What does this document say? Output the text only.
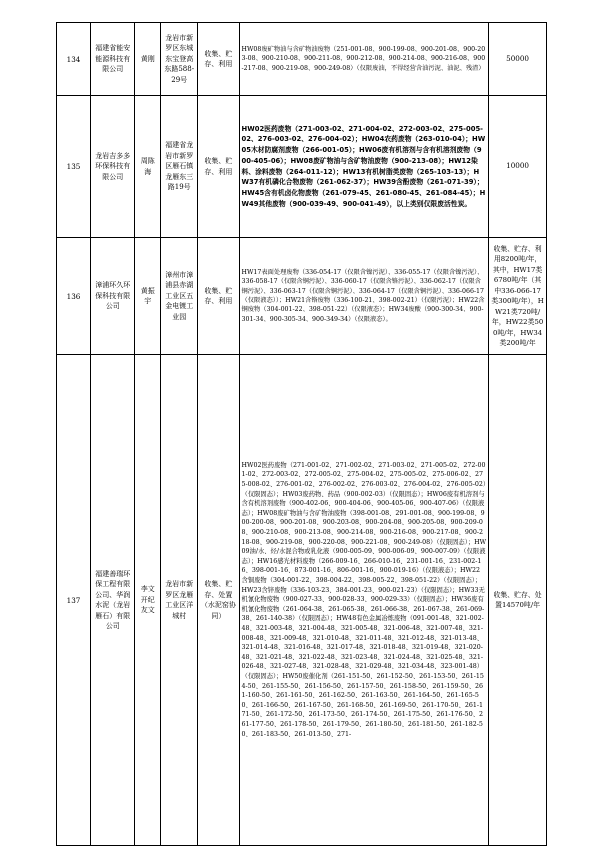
134	福建省能安能源科技有限公司	黄刚	龙岩市新罗区东城东宝登高东路588-29号	收集、贮存、利用	HW08废矿物油与含矿物油废物（251-001-08、900-199-08、900-201-08、900-203-08、900-210-08、900-211-08、900-212-08、900-214-08、900-216-08、900-217-08、900-219-08、900-249-08）（仅限废油，不得经营含油污泥、油泥、残渣）	50000
135	龙岩吉多多环保科技有限公司	周陈海	福建省龙岩市新罗区雁石镇龙雁东三路19号	收集、贮存、利用	HW02医药废物（271-003-02、271-004-02、272-003-02、275-005-02、276-003-02、276-004-02）；HW04农药废物（263-010-04）；HW05木材防腐剂废物（266-001-05）；HW06废有机溶剂与含有机溶剂废物（900-405-06）；HW08废矿物油与含矿物油废物（900-213-08）；HW12染料、涂料废物（264-011-12）；HW13有机树脂类废物（265-103-13）；HW37有机磷化合物废物（261-062-37）；HW39含酚废物（261-071-39）；HW45含有机卤化物废物（261-079-45、261-080-45、261-084-45）；HW49其他废物（900-039-49、900-041-49），以上类别仅限废活性炭。	10000
136	漳浦环久环保科技有限公司	黄振宇	漳州市漳浦县赤湖工业区五金电镀工业园	收集、贮存、利用	HW17表面处理废物（336-054-17（仅限含镍污泥）、336-055-17（仅限含镍污泥）、336-058-17（仅限含铜污泥）、336-060-17（仅限含铬污泥）、336-062-17（仅限含铜污泥）、336-063-17（仅限含铜污泥）、336-064-17（仅限含铜污泥）、336-066-17（仅限液态））；HW21含铬废物（336-100-21、398-002-21）（仅限污泥）；HW22含铜废物（304-001-22、398-051-22）（仅限液态）；HW34废酸（900-300-34、900-301-34、900-305-34、900-349-34）（仅限液态）。	收集、贮存、利用8200吨/年，其中，HW17类6780吨/年（其中336-066-17类300吨/年），HW21类720吨/年，HW22类500吨/年，HW34类200吨/年
137	福建善瑞环保工程有限公司、华润水泥（龙岩雁石）有限公司	李文开纪友文	龙岩市新罗区龙雁工业区洋城村	收集、贮存、处置（水泥窑协同）	HW02医药废物（271-001-02、271-002-02、271-003-02、271-005-02、272-001-02、272-003-02、272-005-02、275-004-02、275-005-02、275-006-02、275-008-02、276-001-02、276-002-02、276-003-02、276-004-02、276-005-02）（仅限固态）；HW03废药物、药品（900-002-03）（仅限固态）；HW06废有机溶剂与含有机溶剂废物（900-402-06、900-404-06、900-405-06、900-407-06）（仅限液态）；HW08废矿物油与含矿物油废物（398-001-08、291-001-08、900-199-08、900-200-08、900-201-08、900-203-08、900-204-08、900-205-08、900-209-08、900-210-08、900-213-08、900-214-08、900-216-08、900-217-08、900-218-08、900-219-08、900-220-08、900-221-08、900-249-08）（仅限固态）；HW09油/水、烃/水混合物或乳化液（900-005-09、900-006-09、900-007-09）（仅限液态）；HW16感光材料废物（266-009-16、266-010-16、231-001-16、231-002-16、398-001-16、873-001-16、806-001-16、900-019-16）（仅限液态）；HW22含铜废物（304-001-22、398-004-22、398-005-22、398-051-22）（仅限固态）；HW23含锌废物（336-103-23、384-001-23、900-021-23）（仅限固态）；HW33无机氰化物废物（900-027-33、900-028-33、900-029-33）（仅限固态）；HW36废有机氰化物废物（261-064-38、261-065-38、261-066-38、261-067-38、261-069-38、261-140-38）（仅限固态）；HW48有色金属冶炼废物（091-001-48、321-002-48、321-003-48、321-004-48、321-005-48、321-006-48、321-007-48、321-008-48、321-009-48、321-010-48、321-011-48、321-012-48、321-013-48、321-014-48、321-016-48、321-017-48、321-018-48、321-019-48、321-020-48、321-021-48、321-022-48、321-023-48、321-024-48、321-025-48、321-026-48、321-027-48、321-028-48、321-029-48、321-034-48、323-001-48）（仅限固态）；HW50废催化剂（261-151-50、261-152-50、261-153-50、261-154-50、261-155-50、261-156-50、261-157-50、261-158-50、261-159-50、261-160-50、261-161-50、261-162-50、261-163-50、261-164-50、261-165-50、261-166-50、261-167-50、261-168-50、261-169-50、261-170-50、261-171-50、261-172-50、261-173-50、261-174-50、261-175-50、261-176-50、261-177-50、261-178-50、261-179-50、261-180-50、261-181-50、261-182-50、261-183-50、261-013-50、271-	收集、贮存、处置14570吨/年
